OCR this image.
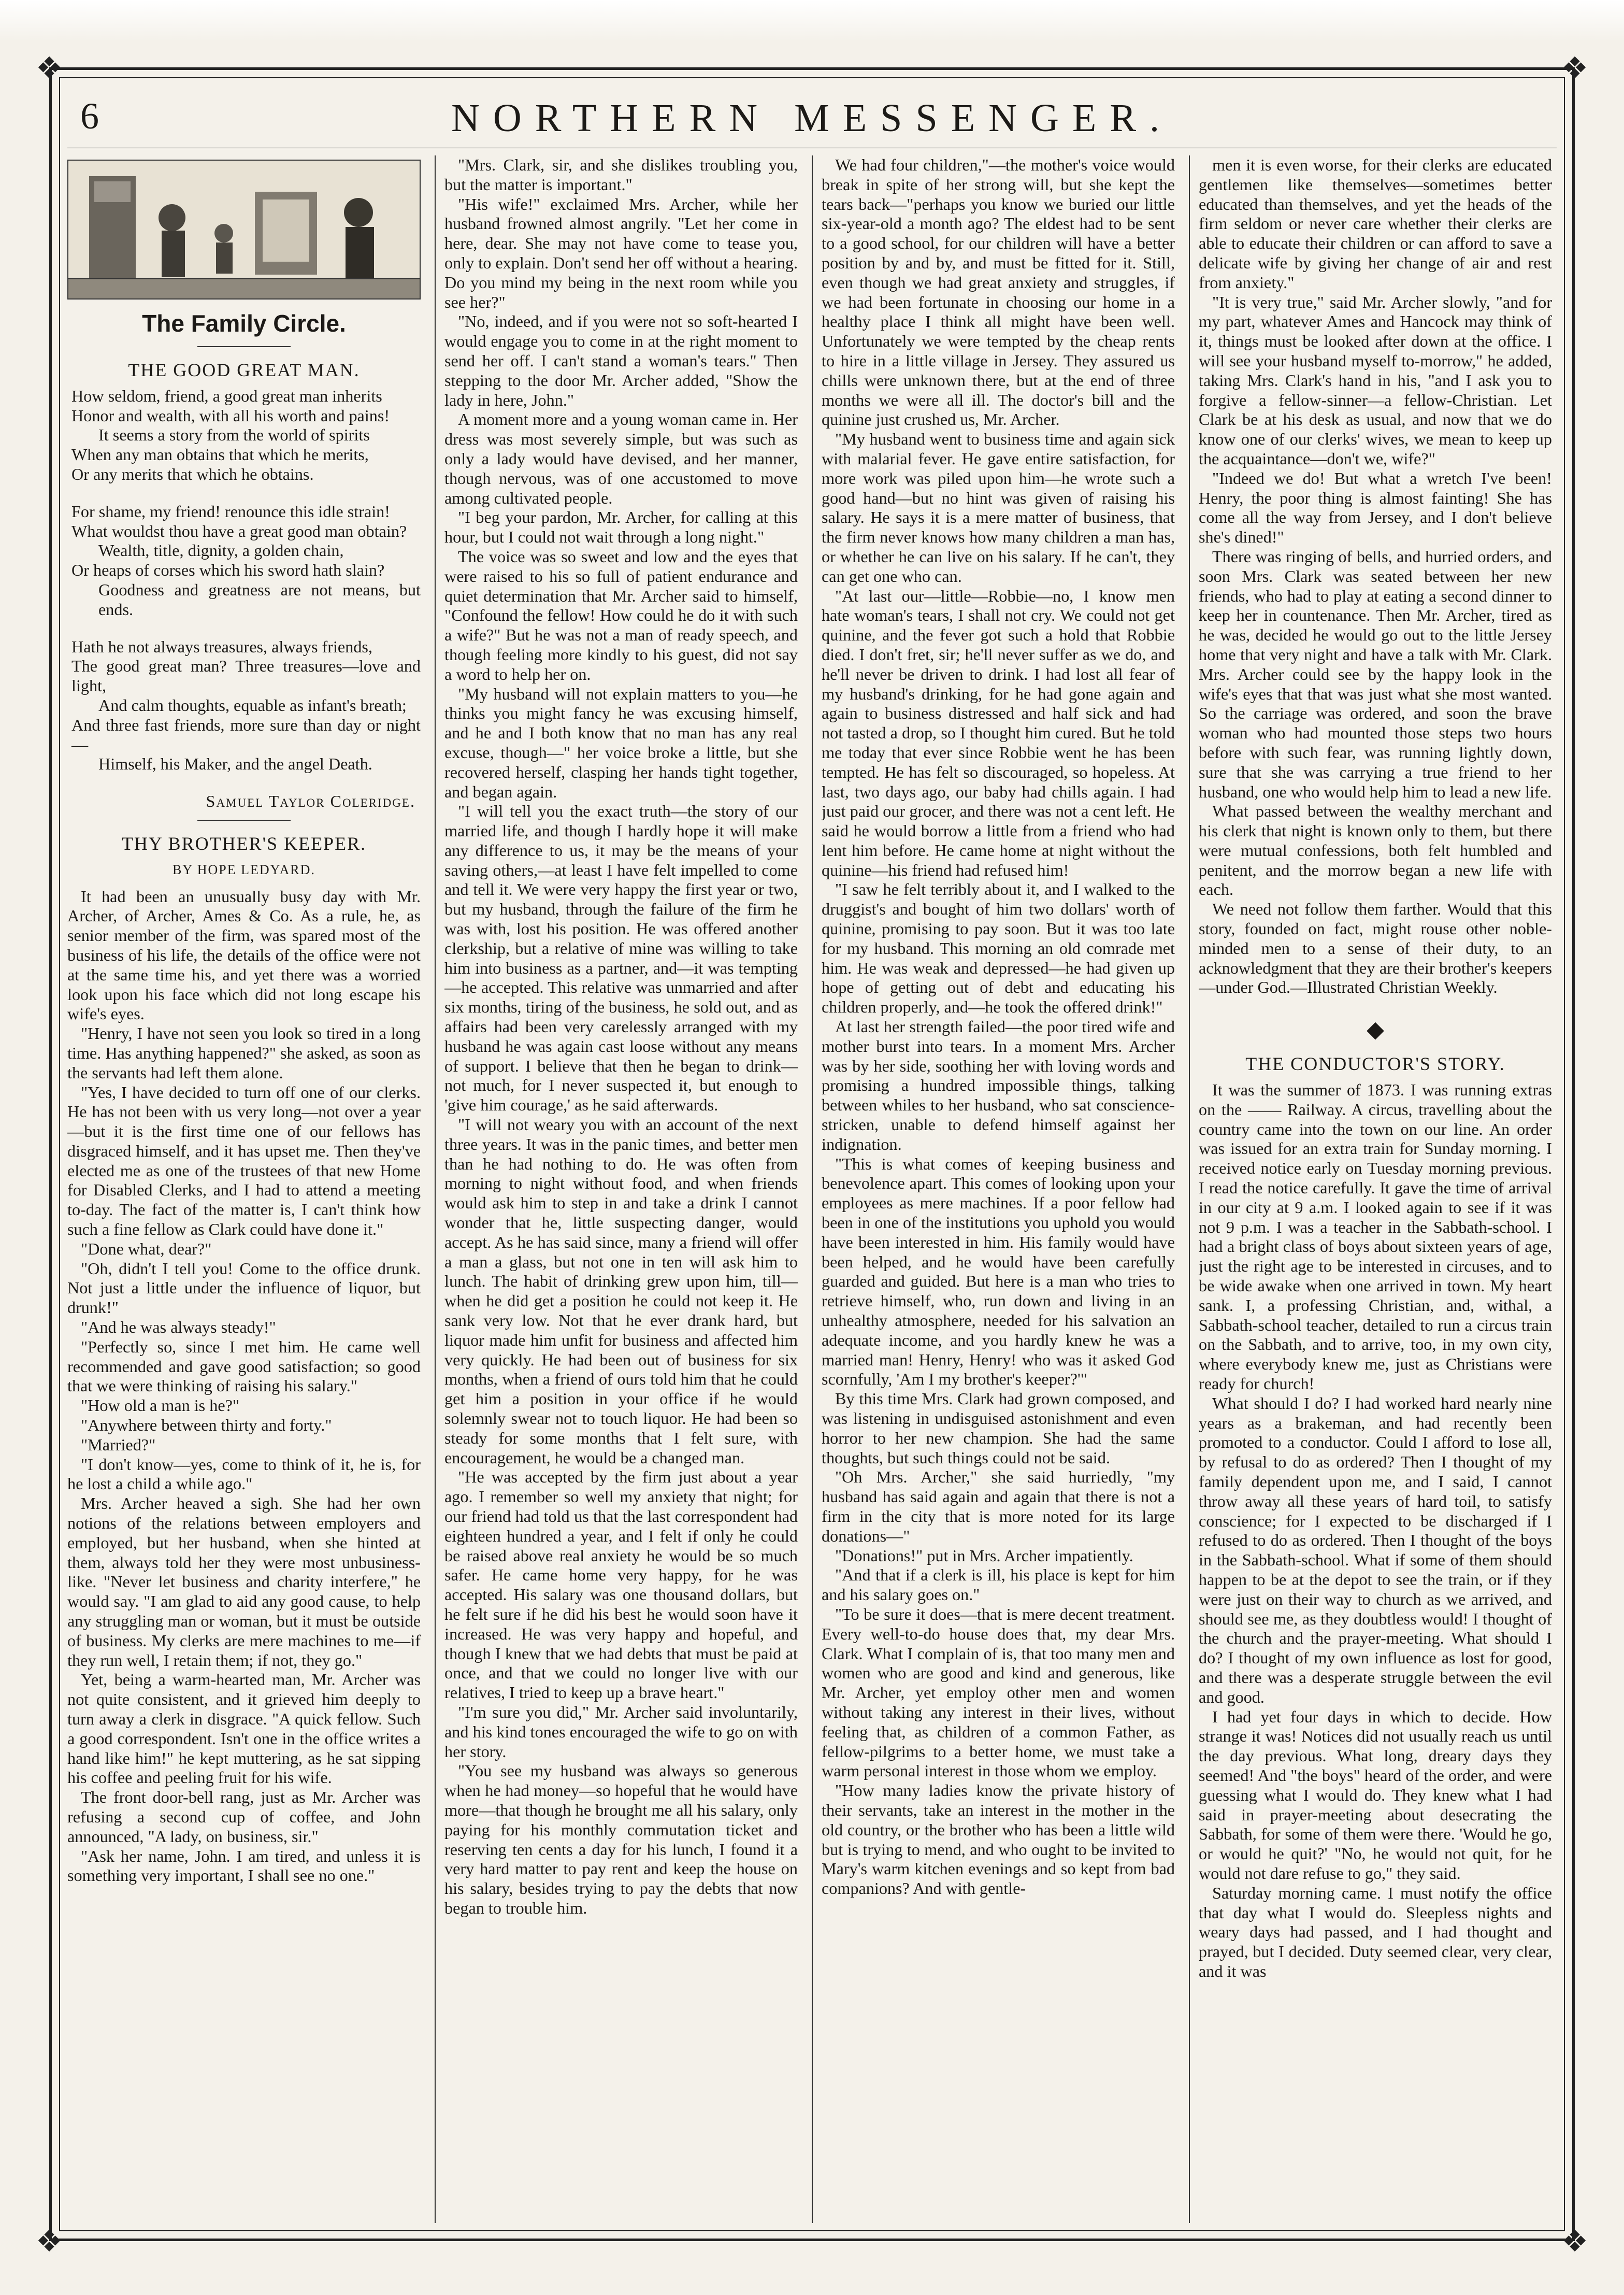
❖	❖
❖	❖
6	NORTHERN MESSENGER.
The Family Circle.
THE GOOD GREAT MAN.

How seldom, friend, a good great man inherits

Honor and wealth, with all his worth and pains!

It seems a story from the world of spirits

When any man obtains that which he merits,

Or any merits that which he obtains.

For shame, my friend! renounce this idle strain!

What wouldst thou have a great good man obtain?

Wealth, title, dignity, a golden chain,

Or heaps of corses which his sword hath slain?

Goodness and greatness are not means, but ends.

Hath he not always treasures, always friends,

The good great man? Three treasures—love and light,

And calm thoughts, equable as infant's breath;

And three fast friends, more sure than day or night—

Himself, his Maker, and the angel Death.

Samuel Taylor Coleridge.
THY BROTHER'S KEEPER.
BY HOPE LEDYARD.

It had been an unusually busy day with Mr. Archer, of Archer, Ames & Co. As a rule, he, as senior member of the firm, was spared most of the business of his life, the details of the office were not at the same time his, and yet there was a worried look upon his face which did not long escape his wife's eyes.

"Henry, I have not seen you look so tired in a long time. Has anything happened?" she asked, as soon as the servants had left them alone.

"Yes, I have decided to turn off one of our clerks. He has not been with us very long—not over a year—but it is the first time one of our fellows has disgraced himself, and it has upset me. Then they've elected me as one of the trustees of that new Home for Disabled Clerks, and I had to attend a meeting to-day. The fact of the matter is, I can't think how such a fine fellow as Clark could have done it."

"Done what, dear?"

"Oh, didn't I tell you! Come to the office drunk. Not just a little under the influence of liquor, but drunk!"

"And he was always steady!"

"Perfectly so, since I met him. He came well recommended and gave good satisfaction; so good that we were thinking of raising his salary."

"How old a man is he?"

"Anywhere between thirty and forty."

"Married?"

"I don't know—yes, come to think of it, he is, for he lost a child a while ago."

Mrs. Archer heaved a sigh. She had her own notions of the relations between employers and employed, but her husband, when she hinted at them, always told her they were most unbusiness-like. "Never let business and charity interfere," he would say. "I am glad to aid any good cause, to help any struggling man or woman, but it must be outside of business. My clerks are mere machines to me—if they run well, I retain them; if not, they go."

Yet, being a warm-hearted man, Mr. Archer was not quite consistent, and it grieved him deeply to turn away a clerk in disgrace. "A quick fellow. Such a good correspondent. Isn't one in the office writes a hand like him!" he kept muttering, as he sat sipping his coffee and peeling fruit for his wife.

The front door-bell rang, just as Mr. Archer was refusing a second cup of coffee, and John announced, "A lady, on business, sir."

"Ask her name, John. I am tired, and unless it is something very important, I shall see no one."

"Mrs. Clark, sir, and she dislikes troubling you, but the matter is important."

"His wife!" exclaimed Mrs. Archer, while her husband frowned almost angrily. "Let her come in here, dear. She may not have come to tease you, only to explain. Don't send her off without a hearing. Do you mind my being in the next room while you see her?"

"No, indeed, and if you were not so soft-hearted I would engage you to come in at the right moment to send her off. I can't stand a woman's tears." Then stepping to the door Mr. Archer added, "Show the lady in here, John."

A moment more and a young woman came in. Her dress was most severely simple, but was such as only a lady would have devised, and her manner, though nervous, was of one accustomed to move among cultivated people.

"I beg your pardon, Mr. Archer, for calling at this hour, but I could not wait through a long night."

The voice was so sweet and low and the eyes that were raised to his so full of patient endurance and quiet determination that Mr. Archer said to himself, "Confound the fellow! How could he do it with such a wife?" But he was not a man of ready speech, and though feeling more kindly to his guest, did not say a word to help her on.

"My husband will not explain matters to you—he thinks you might fancy he was excusing himself, and he and I both know that no man has any real excuse, though—" her voice broke a little, but she recovered herself, clasping her hands tight together, and began again.

"I will tell you the exact truth—the story of our married life, and though I hardly hope it will make any difference to us, it may be the means of your saving others,—at least I have felt impelled to come and tell it. We were very happy the first year or two, but my husband, through the failure of the firm he was with, lost his position. He was offered another clerkship, but a relative of mine was willing to take him into business as a partner, and—it was tempting—he accepted. This relative was unmarried and after six months, tiring of the business, he sold out, and as affairs had been very carelessly arranged with my husband he was again cast loose without any means of support. I believe that then he began to drink—not much, for I never suspected it, but enough to 'give him courage,' as he said afterwards.

"I will not weary you with an account of the next three years. It was in the panic times, and better men than he had nothing to do. He was often from morning to night without food, and when friends would ask him to step in and take a drink I cannot wonder that he, little suspecting danger, would accept. As he has said since, many a friend will offer a man a glass, but not one in ten will ask him to lunch. The habit of drinking grew upon him, till—when he did get a position he could not keep it. He sank very low. Not that he ever drank hard, but liquor made him unfit for business and affected him very quickly. He had been out of business for six months, when a friend of ours told him that he could get him a position in your office if he would solemnly swear not to touch liquor. He had been so steady for some months that I felt sure, with encouragement, he would be a changed man.

"He was accepted by the firm just about a year ago. I remember so well my anxiety that night; for our friend had told us that the last correspondent had eighteen hundred a year, and I felt if only he could be raised above real anxiety he would be so much safer. He came home very happy, for he was accepted. His salary was one thousand dollars, but he felt sure if he did his best he would soon have it increased. He was very happy and hopeful, and though I knew that we had debts that must be paid at once, and that we could no longer live with our relatives, I tried to keep up a brave heart."

"I'm sure you did," Mr. Archer said involuntarily, and his kind tones encouraged the wife to go on with her story.

"You see my husband was always so generous when he had money—so hopeful that he would have more—that though he brought me all his salary, only paying for his monthly commutation ticket and reserving ten cents a day for his lunch, I found it a very hard matter to pay rent and keep the house on his salary, besides trying to pay the debts that now began to trouble him.

We had four children,"—the mother's voice would break in spite of her strong will, but she kept the tears back—"perhaps you know we buried our little six-year-old a month ago? The eldest had to be sent to a good school, for our children will have a better position by and by, and must be fitted for it. Still, even though we had great anxiety and struggles, if we had been fortunate in choosing our home in a healthy place I think all might have been well. Unfortunately we were tempted by the cheap rents to hire in a little village in Jersey. They assured us chills were unknown there, but at the end of three months we were all ill. The doctor's bill and the quinine just crushed us, Mr. Archer.

"My husband went to business time and again sick with malarial fever. He gave entire satisfaction, for more work was piled upon him—he wrote such a good hand—but no hint was given of raising his salary. He says it is a mere matter of business, that the firm never knows how many children a man has, or whether he can live on his salary. If he can't, they can get one who can.

"At last our—little—Robbie—no, I know men hate woman's tears, I shall not cry. We could not get quinine, and the fever got such a hold that Robbie died. I don't fret, sir; he'll never suffer as we do, and he'll never be driven to drink. I had lost all fear of my husband's drinking, for he had gone again and again to business distressed and half sick and had not tasted a drop, so I thought him cured. But he told me today that ever since Robbie went he has been tempted. He has felt so discouraged, so hopeless. At last, two days ago, our baby had chills again. I had just paid our grocer, and there was not a cent left. He said he would borrow a little from a friend who had lent him before. He came home at night without the quinine—his friend had refused him!

"I saw he felt terribly about it, and I walked to the druggist's and bought of him two dollars' worth of quinine, promising to pay soon. But it was too late for my husband. This morning an old comrade met him. He was weak and depressed—he had given up hope of getting out of debt and educating his children properly, and—he took the offered drink!"

At last her strength failed—the poor tired wife and mother burst into tears. In a moment Mrs. Archer was by her side, soothing her with loving words and promising a hundred impossible things, talking between whiles to her husband, who sat conscience-stricken, unable to defend himself against her indignation.

"This is what comes of keeping business and benevolence apart. This comes of looking upon your employees as mere machines. If a poor fellow had been in one of the institutions you uphold you would have been interested in him. His family would have been helped, and he would have been carefully guarded and guided. But here is a man who tries to retrieve himself, who, run down and living in an unhealthy atmosphere, needed for his salvation an adequate income, and you hardly knew he was a married man! Henry, Henry! who was it asked God scornfully, 'Am I my brother's keeper?'"

By this time Mrs. Clark had grown composed, and was listening in undisguised astonishment and even horror to her new champion. She had the same thoughts, but such things could not be said.

"Oh Mrs. Archer," she said hurriedly, "my husband has said again and again that there is not a firm in the city that is more noted for its large donations—"

"Donations!" put in Mrs. Archer impatiently.

"And that if a clerk is ill, his place is kept for him and his salary goes on."

"To be sure it does—that is mere decent treatment. Every well-to-do house does that, my dear Mrs. Clark. What I complain of is, that too many men and women who are good and kind and generous, like Mr. Archer, yet employ other men and women without taking any interest in their lives, without feeling that, as children of a common Father, as fellow-pilgrims to a better home, we must take a warm personal interest in those whom we employ.

"How many ladies know the private history of their servants, take an interest in the mother in the old country, or the brother who has been a little wild but is trying to mend, and who ought to be invited to Mary's warm kitchen evenings and so kept from bad companions? And with gentle-

men it is even worse, for their clerks are educated gentlemen like themselves—sometimes better educated than themselves, and yet the heads of the firm seldom or never care whether their clerks are able to educate their children or can afford to save a delicate wife by giving her change of air and rest from anxiety."

"It is very true," said Mr. Archer slowly, "and for my part, whatever Ames and Hancock may think of it, things must be looked after down at the office. I will see your husband myself to-morrow," he added, taking Mrs. Clark's hand in his, "and I ask you to forgive a fellow-sinner—a fellow-Christian. Let Clark be at his desk as usual, and now that we do know one of our clerks' wives, we mean to keep up the acquaintance—don't we, wife?"

"Indeed we do! But what a wretch I've been! Henry, the poor thing is almost fainting! She has come all the way from Jersey, and I don't believe she's dined!"

There was ringing of bells, and hurried orders, and soon Mrs. Clark was seated between her new friends, who had to play at eating a second dinner to keep her in countenance. Then Mr. Archer, tired as he was, decided he would go out to the little Jersey home that very night and have a talk with Mr. Clark. Mrs. Archer could see by the happy look in the wife's eyes that that was just what she most wanted. So the carriage was ordered, and soon the brave woman who had mounted those steps two hours before with such fear, was running lightly down, sure that she was carrying a true friend to her husband, one who would help him to lead a new life.

What passed between the wealthy merchant and his clerk that night is known only to them, but there were mutual confessions, both felt humbled and penitent, and the morrow began a new life with each.

We need not follow them farther. Would that this story, founded on fact, might rouse other noble-minded men to a sense of their duty, to an acknowledgment that they are their brother's keepers—under God.—Illustrated Christian Weekly.

◆
THE CONDUCTOR'S STORY.

It was the summer of 1873. I was running extras on the —— Railway. A circus, travelling about the country came into the town on our line. An order was issued for an extra train for Sunday morning. I received notice early on Tuesday morning previous. I read the notice carefully. It gave the time of arrival in our city at 9 a.m. I looked again to see if it was not 9 p.m. I was a teacher in the Sabbath-school. I had a bright class of boys about sixteen years of age, just the right age to be interested in circuses, and to be wide awake when one arrived in town. My heart sank. I, a professing Christian, and, withal, a Sabbath-school teacher, detailed to run a circus train on the Sabbath, and to arrive, too, in my own city, where everybody knew me, just as Christians were ready for church!

What should I do? I had worked hard nearly nine years as a brakeman, and had recently been promoted to a conductor. Could I afford to lose all, by refusal to do as ordered? Then I thought of my family dependent upon me, and I said, I cannot throw away all these years of hard toil, to satisfy conscience; for I expected to be discharged if I refused to do as ordered. Then I thought of the boys in the Sabbath-school. What if some of them should happen to be at the depot to see the train, or if they were just on their way to church as we arrived, and should see me, as they doubtless would! I thought of the church and the prayer-meeting. What should I do? I thought of my own influence as lost for good, and there was a desperate struggle between the evil and good.

I had yet four days in which to decide. How strange it was! Notices did not usually reach us until the day previous. What long, dreary days they seemed! And "the boys" heard of the order, and were guessing what I would do. They knew what I had said in prayer-meeting about desecrating the Sabbath, for some of them were there. 'Would he go, or would he quit?' "No, he would not quit, for he would not dare refuse to go," they said.

Saturday morning came. I must notify the office that day what I would do. Sleepless nights and weary days had passed, and I had thought and prayed, but I decided. Duty seemed clear, very clear, and it was
